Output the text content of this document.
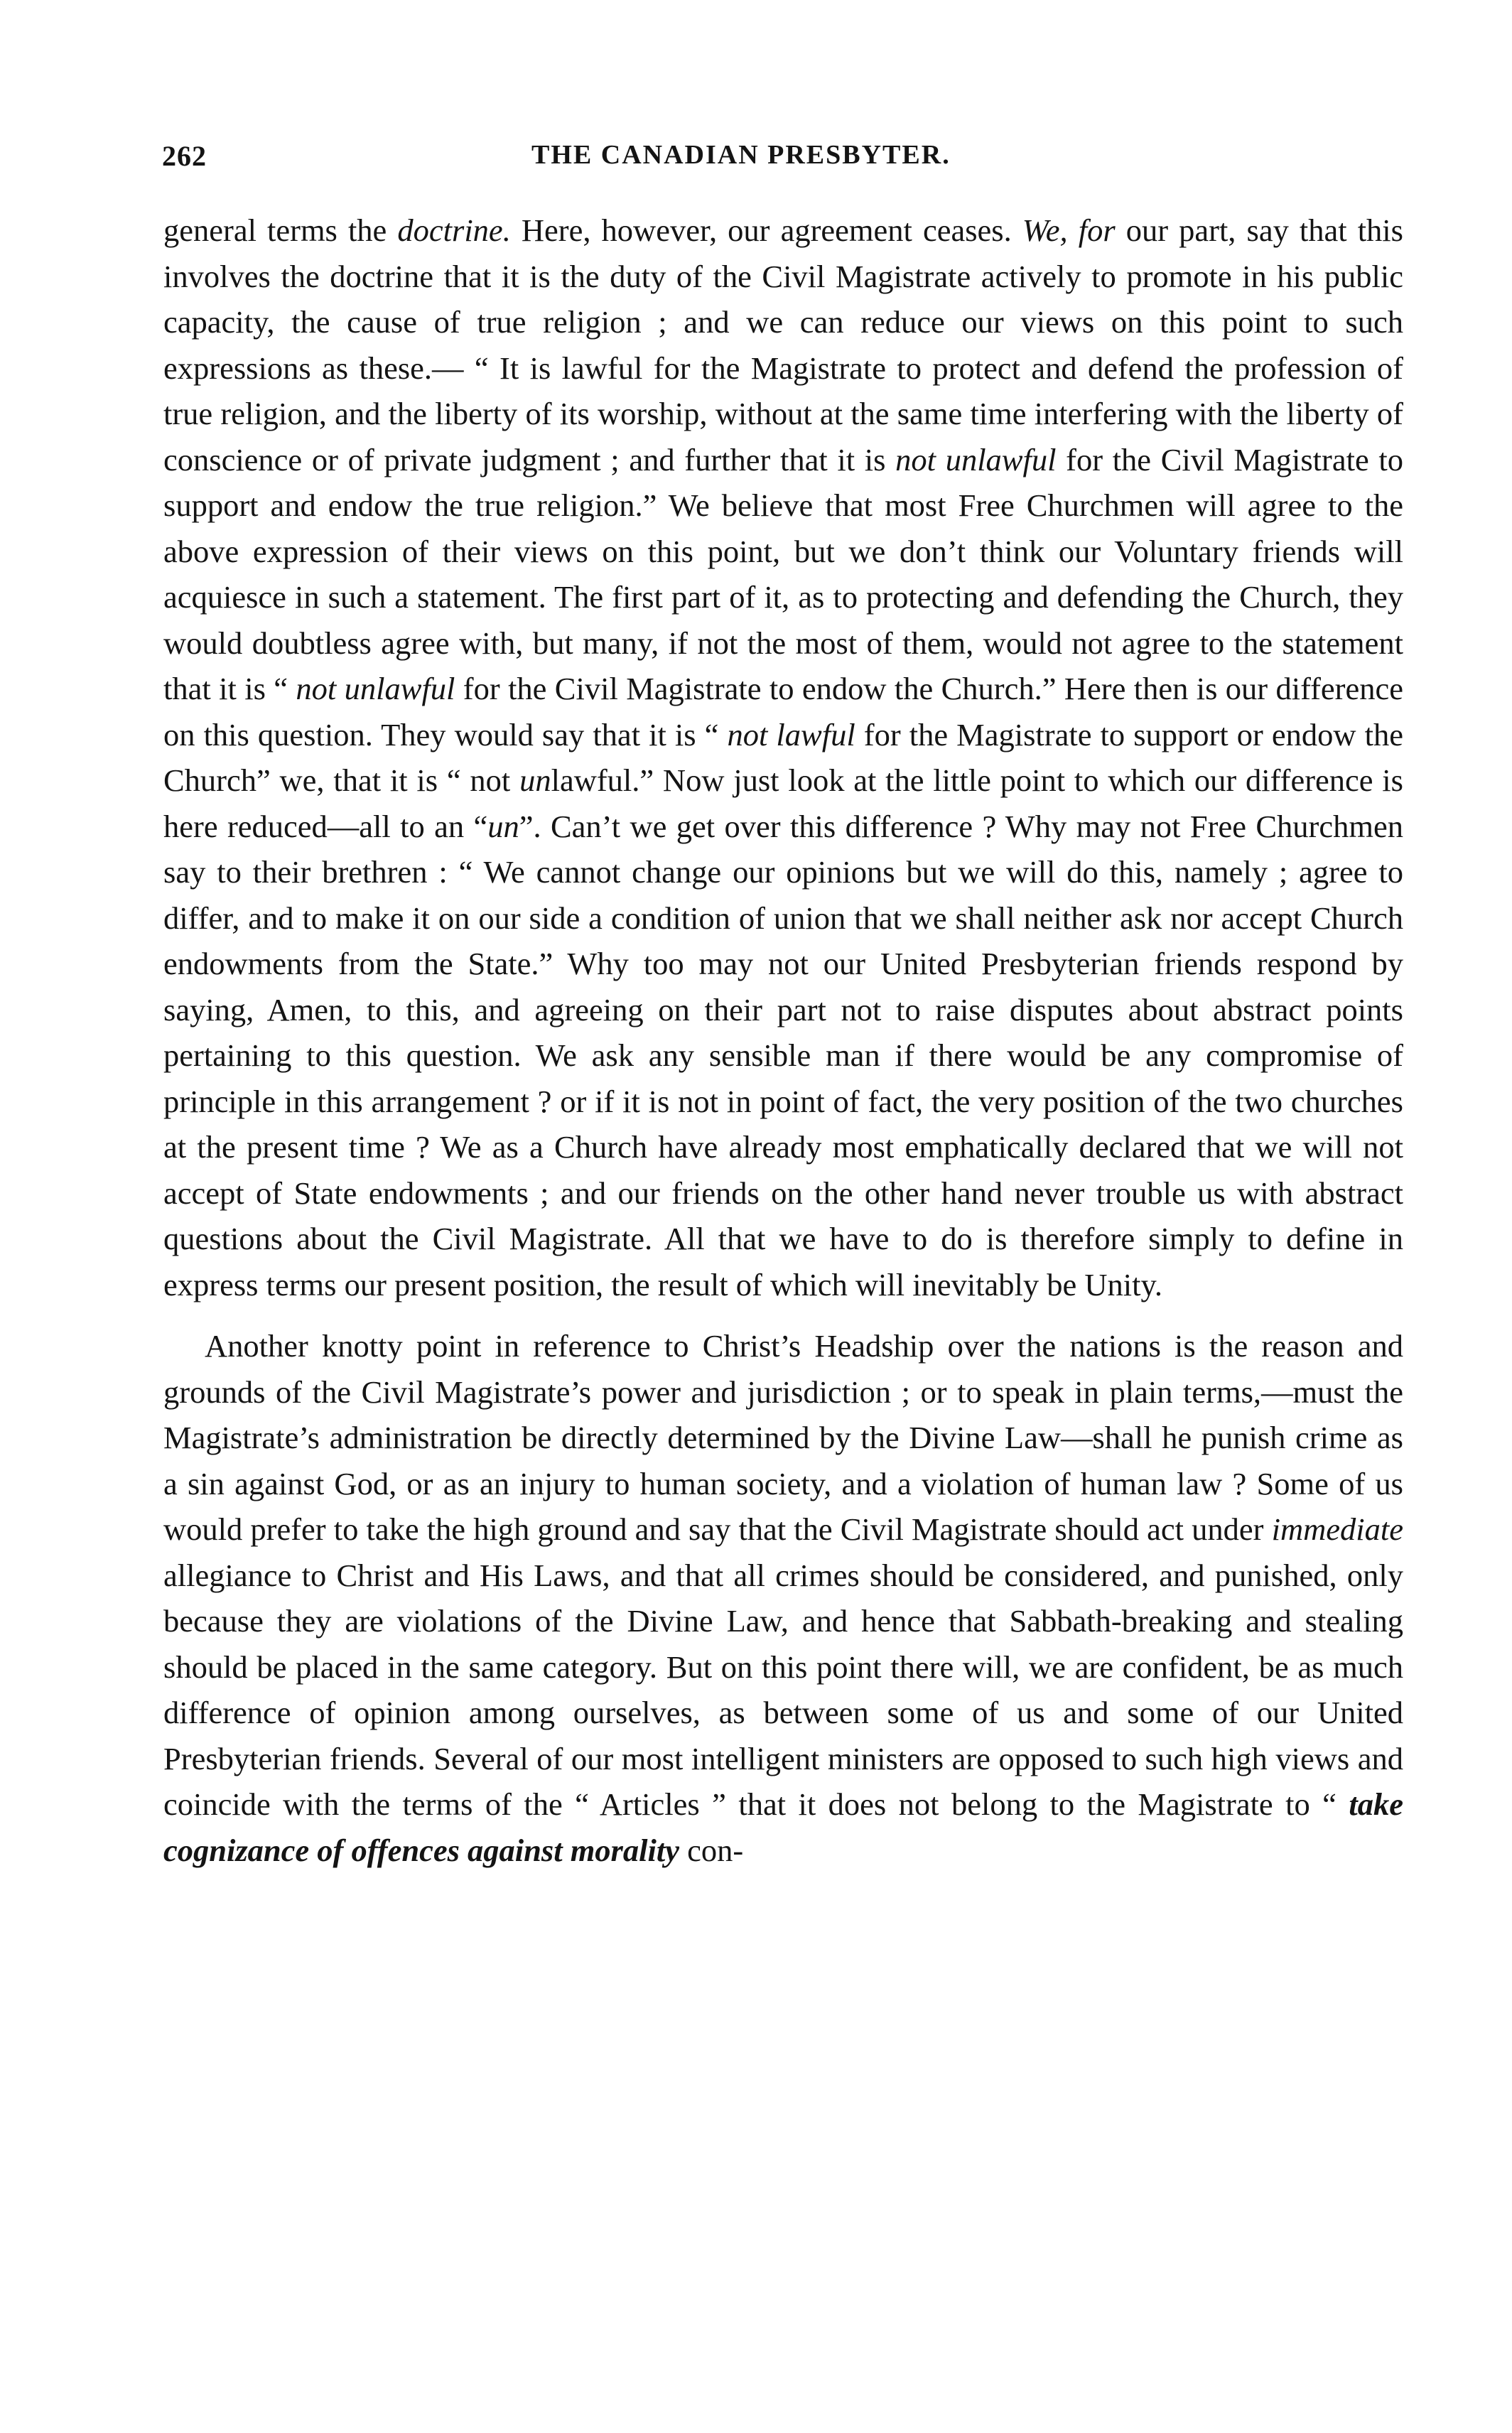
262	THE CANADIAN PRESBYTER.

general terms the doctrine. Here, however, our agreement ceases. We, for our part, say that this involves the doctrine that it is the duty of the Civil Magistrate actively to promote in his public capacity, the cause of true religion ; and we can reduce our views on this point to such expressions as these.— “ It is lawful for the Magistrate to protect and defend the profession of true religion, and the liberty of its worship, without at the same time interfering with the liberty of conscience or of private judgment ; and further that it is not unlawful for the Civil Magistrate to support and endow the true religion.” We believe that most Free Churchmen will agree to the above expression of their views on this point, but we don’t think our Voluntary friends will acquiesce in such a statement. The first part of it, as to protecting and defending the Church, they would doubtless agree with, but many, if not the most of them, would not agree to the statement that it is “ not unlawful for the Civil Magistrate to endow the Church.” Here then is our difference on this question. They would say that it is “ not lawful for the Magistrate to support or endow the Church” we, that it is “ not unlawful.” Now just look at the little point to which our difference is here reduced—all to an “un”. Can’t we get over this difference ? Why may not Free Churchmen say to their brethren : “ We cannot change our opinions but we will do this, namely ; agree to differ, and to make it on our side a condition of union that we shall neither ask nor accept Church endowments from the State.” Why too may not our United Presbyterian friends respond by saying, Amen, to this, and agreeing on their part not to raise disputes about abstract points pertaining to this question. We ask any sensible man if there would be any compromise of principle in this arrangement ? or if it is not in point of fact, the very position of the two churches at the present time ? We as a Church have already most emphatically declared that we will not accept of State endowments ; and our friends on the other hand never trouble us with abstract questions about the Civil Magistrate. All that we have to do is therefore simply to define in express terms our present position, the result of which will inevitably be Unity.

Another knotty point in reference to Christ’s Headship over the nations is the reason and grounds of the Civil Magistrate’s power and jurisdiction ; or to speak in plain terms,—must the Magistrate’s administration be directly determined by the Divine Law—shall he punish crime as a sin against God, or as an injury to human society, and a violation of human law ? Some of us would prefer to take the high ground and say that the Civil Magistrate should act under immediate allegiance to Christ and His Laws, and that all crimes should be considered, and punished, only because they are violations of the Divine Law, and hence that Sabbath-breaking and stealing should be placed in the same category. But on this point there will, we are confident, be as much difference of opinion among ourselves, as between some of us and some of our United Presbyterian friends. Several of our most intelligent ministers are opposed to such high views and coincide with the terms of the “ Articles ” that it does not belong to the Magistrate to “ take cognizance of offences against morality con-
